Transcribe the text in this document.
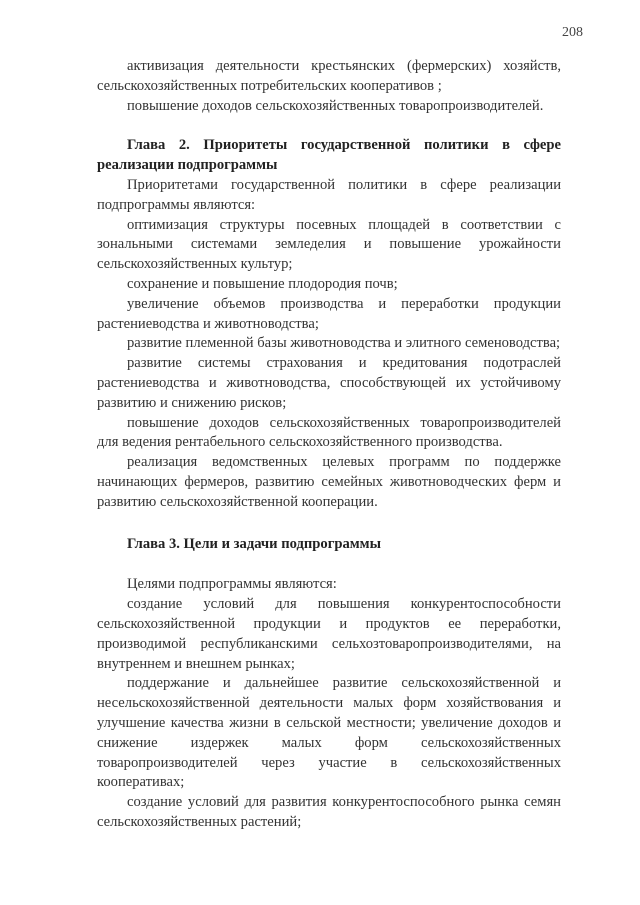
208

активизация деятельности крестьянских (фермерских) хозяйств, сельскохозяйственных потребительских кооперативов ;

повышение доходов сельскохозяйственных товаропроизводителей.

Глава 2. Приоритеты государственной политики в сфере реализации подпрограммы

Приоритетами государственной политики в сфере реализации подпрограммы являются:

оптимизация структуры посевных площадей в соответствии с зональными системами земледелия и повышение урожайности сельскохозяйственных культур;

сохранение и повышение плодородия почв;

увеличение объемов производства и переработки продукции растениеводства и животноводства;

развитие племенной базы животноводства и элитного семеноводства;

развитие системы страхования и кредитования подотраслей растениеводства и животноводства, способствующей их устойчивому развитию и снижению рисков;

повышение доходов сельскохозяйственных товаропроизводителей для ведения рентабельного сельскохозяйственного производства.

реализация ведомственных целевых программ по поддержке начинающих фермеров, развитию семейных животноводческих ферм и развитию сельскохозяйственной кооперации.

Глава 3. Цели и задачи подпрограммы

Целями подпрограммы являются:

создание условий для повышения конкурентоспособности сельскохозяйственной продукции и продуктов ее переработки, производимой республиканскими сельхозтоваропроизводителями, на внутреннем и внешнем рынках;

поддержание и дальнейшее развитие сельскохозяйственной и несельскохозяйственной деятельности малых форм хозяйствования и улучшение качества жизни в сельской местности; увеличение доходов и снижение издержек малых форм сельскохозяйственных товаропроизводителей через участие в сельскохозяйственных кооперативах;

создание условий для развития конкурентоспособного рынка семян сельскохозяйственных растений;
